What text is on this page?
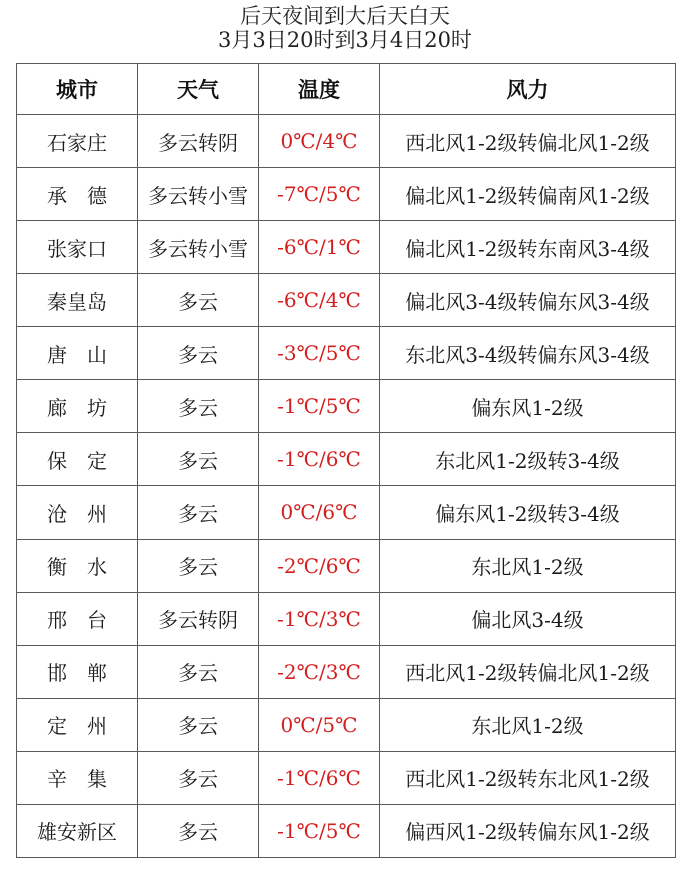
后天夜间到大后天白天
3月3日20时到3月4日20时
城市	天气	温度	风力
石家庄	多云转阴	0℃/4℃	西北风1-2级转偏北风1-2级
承　德	多云转小雪	-7℃/5℃	偏北风1-2级转偏南风1-2级
张家口	多云转小雪	-6℃/1℃	偏北风1-2级转东南风3-4级
秦皇岛	多云	-6℃/4℃	偏北风3-4级转偏东风3-4级
唐　山	多云	-3℃/5℃	东北风3-4级转偏东风3-4级
廊　坊	多云	-1℃/5℃	偏东风1-2级
保　定	多云	-1℃/6℃	东北风1-2级转3-4级
沧　州	多云	0℃/6℃	偏东风1-2级转3-4级
衡　水	多云	-2℃/6℃	东北风1-2级
邢　台	多云转阴	-1℃/3℃	偏北风3-4级
邯　郸	多云	-2℃/3℃	西北风1-2级转偏北风1-2级
定　州	多云	0℃/5℃	东北风1-2级
辛　集	多云	-1℃/6℃	西北风1-2级转东北风1-2级
雄安新区	多云	-1℃/5℃	偏西风1-2级转偏东风1-2级
